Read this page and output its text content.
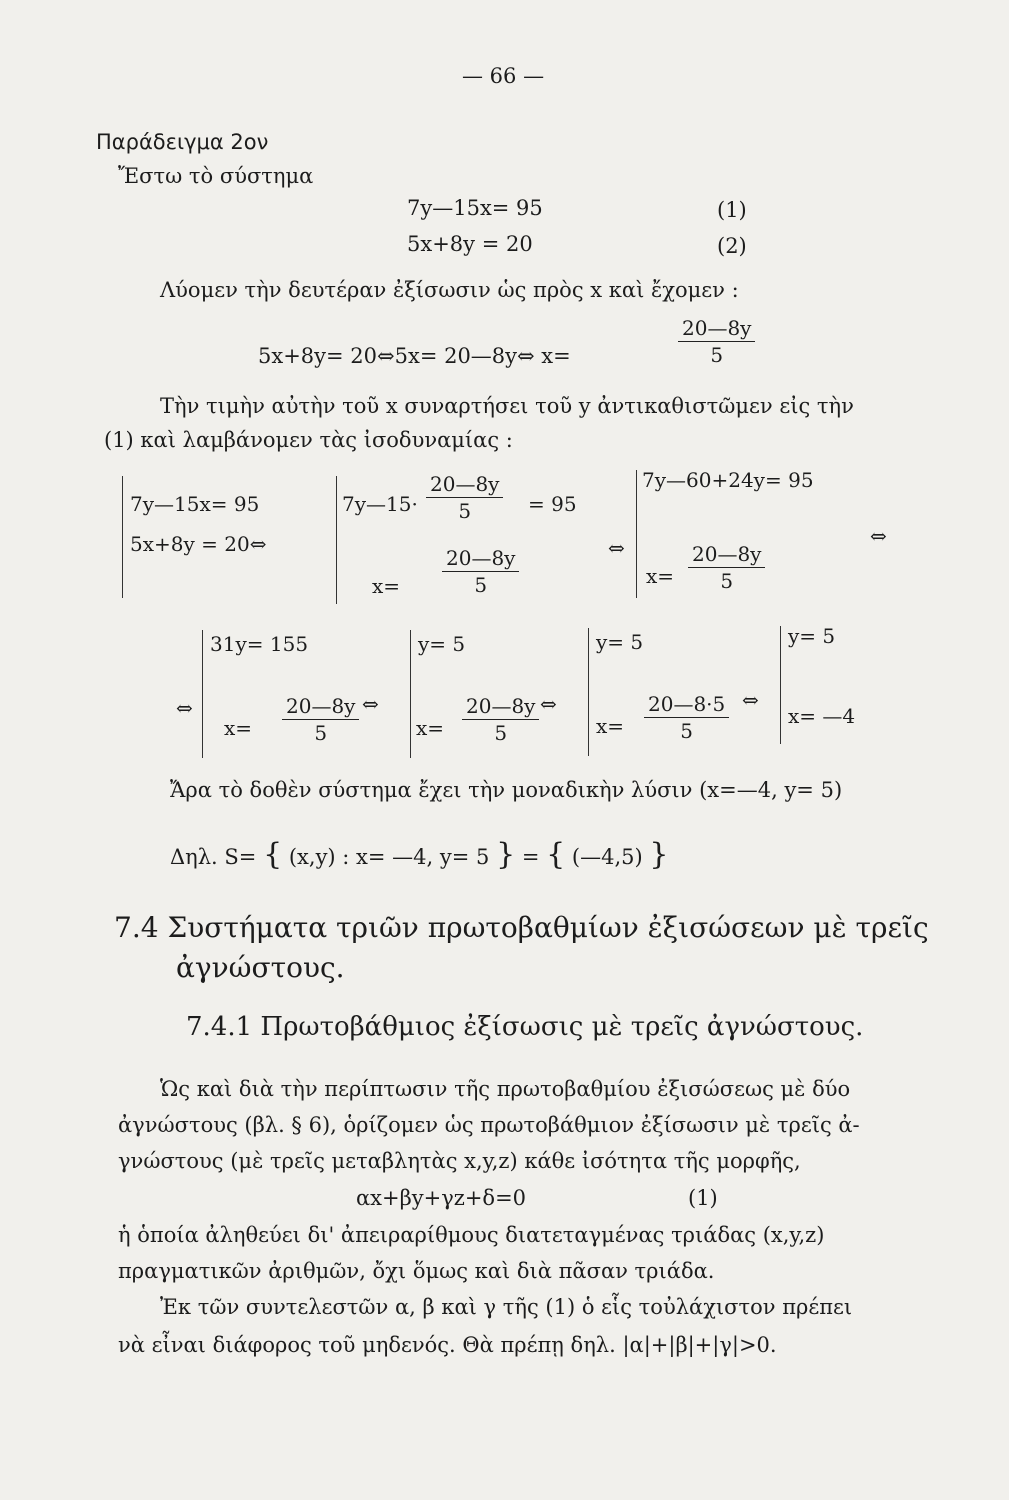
— 66 —
Παράδειγμα 2ον
Ἔστω τὸ σύστημα
7y—15x= 95	(1)
5x+8y = 20	(2)
Λύομεν τὴν δευτέραν ἐξίσωσιν ὡς πρὸς x καὶ ἔχομεν :
5x+8y= 20⇔5x= 20—8y⇔ x=	$\frac{20—8y}{5}$
Τὴν τιμὴν αὐτὴν τοῦ x συναρτήσει τοῦ y ἀντικαθιστῶμεν εἰς τὴν
(1) καὶ λαμβάνομεν τὰς ἰσοδυναμίας :
7y—15x= 95
5x+8y = 20⇔
7y—15· $\frac{20—8y}{5} = 95$
$x= \frac{20—8y}{5}$	⇔
7y—60+24y= 95
$x= \frac{20—8y}{5}$
⇔
⇔
31y= 155
$x= \frac{20—8y}{5}$ ⇔
y= 5
$x= \frac{20—8y}{5}$ ⇔
y= 5
$x= \frac{20—8\cdot 5}{5}$ ⇔
y= 5
x= —4
Ἄρα τὸ δοθὲν σύστημα ἔχει τὴν μοναδικὴν λύσιν (x=—4, y= 5)
Δηλ. S= { (x,y) : x= —4, y= 5 } = { (—4,5) }
7.4 Συστήματα τριῶν πρωτοβαθμίων ἐξισώσεων μὲ τρεῖς
ἀγνώστους.
7.4.1 Πρωτοβάθμιος ἐξίσωσις μὲ τρεῖς ἀγνώστους.
Ὡς καὶ διὰ τὴν περίπτωσιν τῆς πρωτοβαθμίου ἐξισώσεως μὲ δύο
ἀγνώστους (βλ. § 6), ὁρίζομεν ὡς πρωτοβάθμιον ἐξίσωσιν μὲ τρεῖς ἀ-
γνώστους (μὲ τρεῖς μεταβλητὰς x,y,z) κάθε ἰσότητα τῆς μορφῆς,
αx+βy+γz+δ=0	(1)
ἡ ὁποία ἀληθεύει δι' ἀπειραρίθμους διατεταγμένας τριάδας (x,y,z)
πραγματικῶν ἀριθμῶν, ὄχι ὅμως καὶ διὰ πᾶσαν τριάδα.
Ἐκ τῶν συντελεστῶν α, β καὶ γ τῆς (1) ὁ εἷς τοὐλάχιστον πρέπει
νὰ εἶναι διάφορος τοῦ μηδενός. Θὰ πρέπῃ δηλ. |α|+|β|+|γ|>0.
